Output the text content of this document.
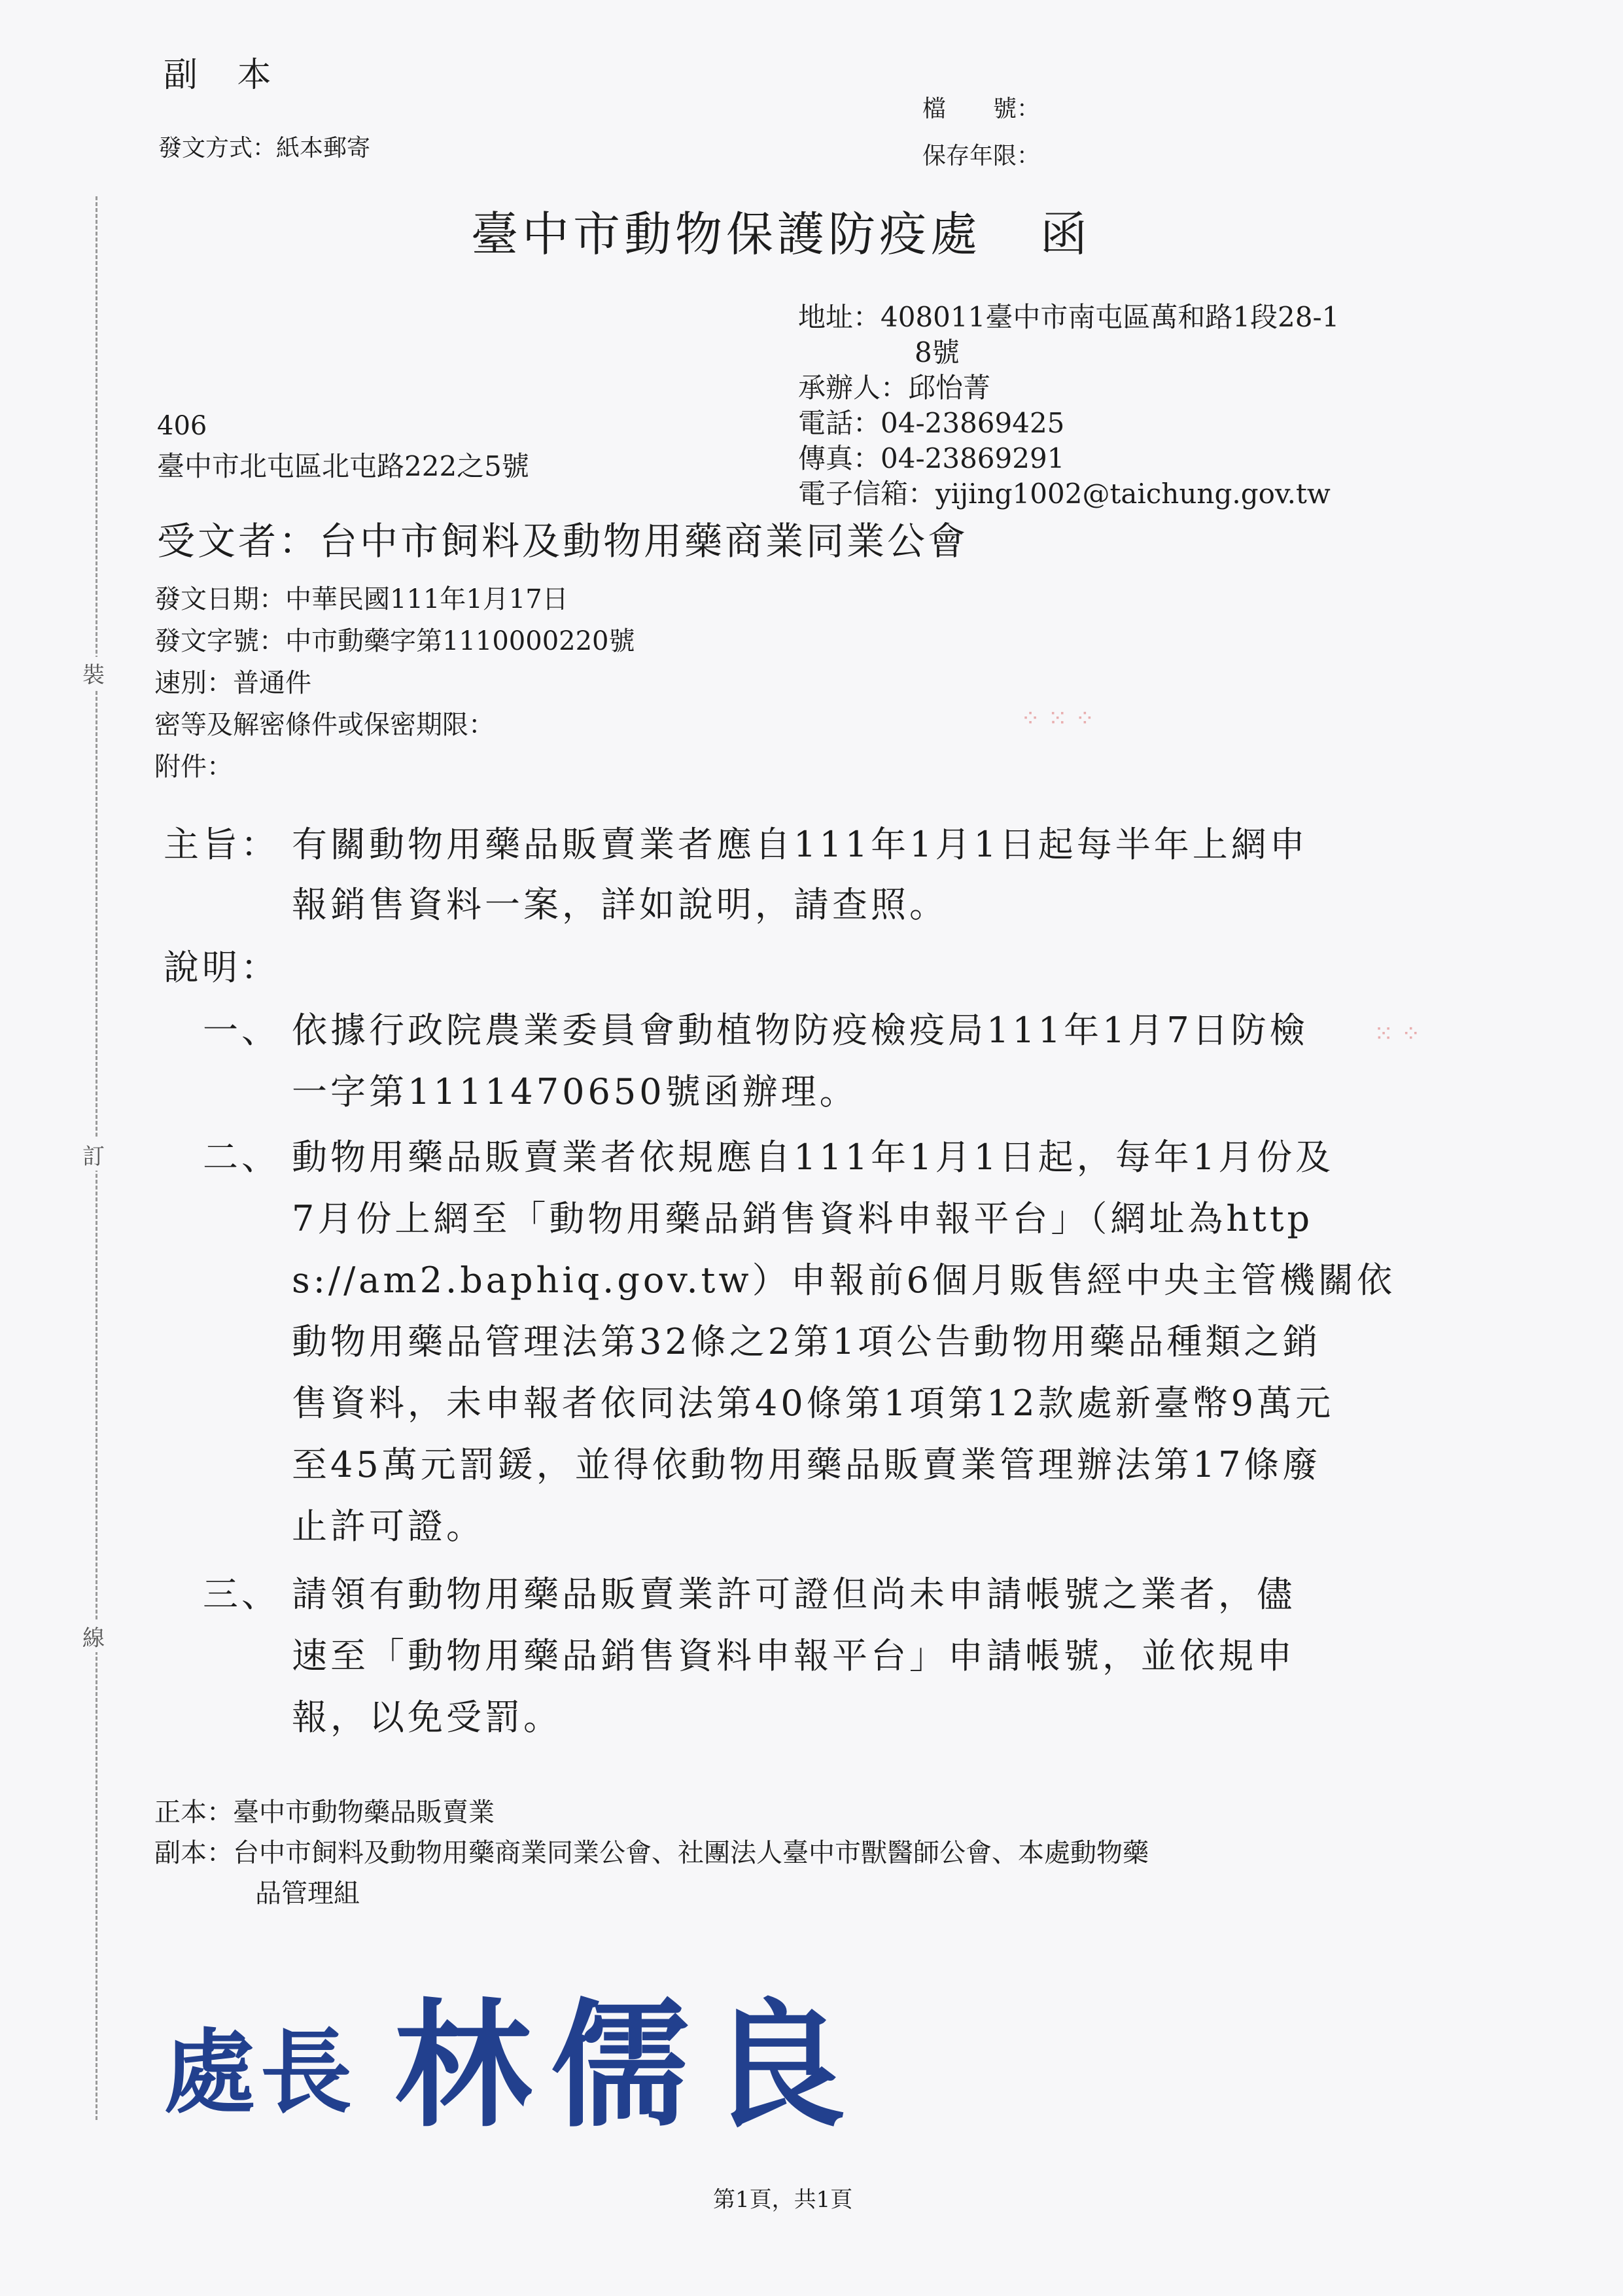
副 本
發文方式：紙本郵寄
檔　　號：
保存年限：
臺中市動物保護防疫處 函
地址：408011臺中市南屯區萬和路1段28-1
8號
承辦人：邱怡菁
電話：04-23869425
傳真：04-23869291
電子信箱：yijing1002@taichung.gov.tw
406
臺中市北屯區北屯路222之5號
受文者：台中市飼料及動物用藥商業同業公會
發文日期：中華民國111年1月17日
發文字號：中市動藥字第1110000220號
速別：普通件
密等及解密條件或保密期限：
附件：
裝
訂
線
⁘ ⁙ ⁘
⁙ ⁘
主旨： 有關動物用藥品販賣業者應自111年1月1日起每半年上網申
報銷售資料一案，詳如說明，請查照。
說明：
一、 依據行政院農業委員會動植物防疫檢疫局111年1月7日防檢
一字第1111470650號函辦理。
二、 動物用藥品販賣業者依規應自111年1月1日起，每年1月份及
7月份上網至「動物用藥品銷售資料申報平台」（網址為http
s://am2.baphiq.gov.tw）申報前6個月販售經中央主管機關依
動物用藥品管理法第32條之2第1項公告動物用藥品種類之銷
售資料，未申報者依同法第40條第1項第12款處新臺幣9萬元
至45萬元罰鍰，並得依動物用藥品販賣業管理辦法第17條廢
止許可證。
三、 請領有動物用藥品販賣業許可證但尚未申請帳號之業者，儘
速至「動物用藥品銷售資料申報平台」申請帳號，並依規申
報，以免受罰。
正本：臺中市動物藥品販賣業
副本：台中市飼料及動物用藥商業同業公會、社團法人臺中市獸醫師公會、本處動物藥
品管理組
處長 林儒良
第1頁，共1頁
